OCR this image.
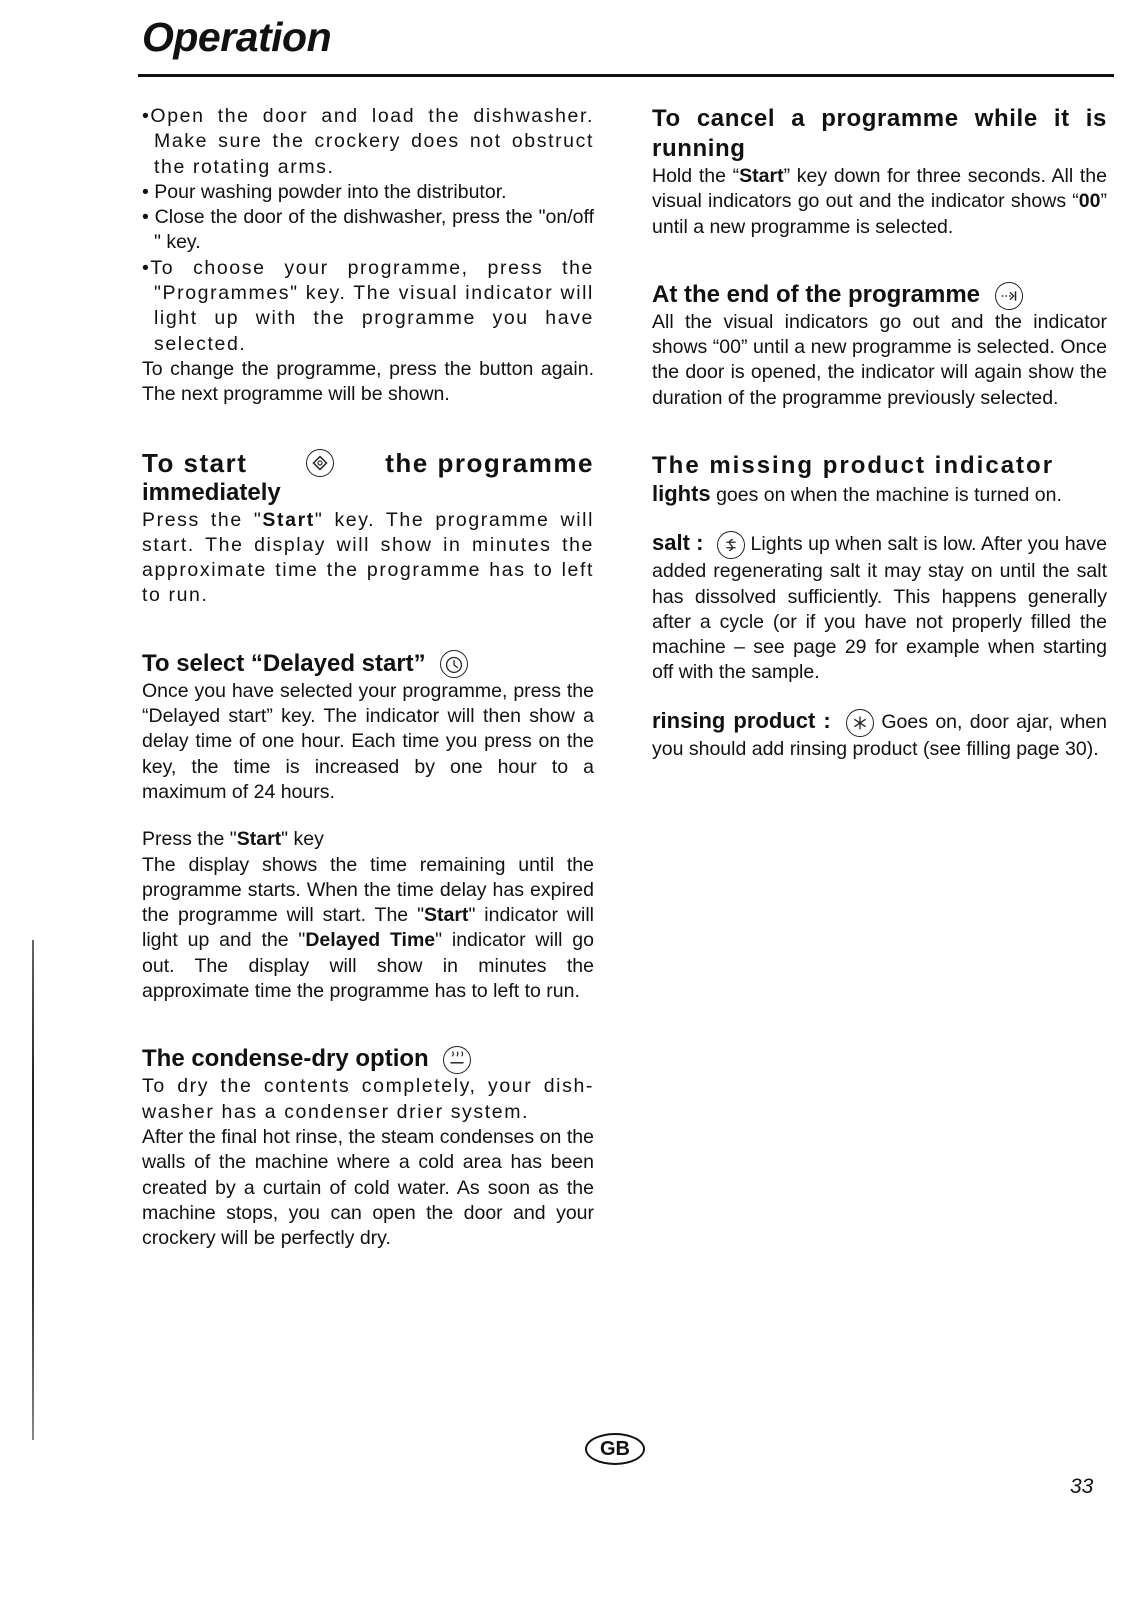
Operation

•Open the door and load the dishwasher. Make sure the crockery does not obstruct the rotating arms.

• Pour washing powder into the distributor.

• Close the door of the dishwasher, press the "on/off " key.

•To choose your programme, press the "Programmes" key. The visual indicator will light up with the programme you have selected.

To change the programme, press the button again. The next programme will be shown.

To start	the programme
immediately

Press the "Start" key. The programme will start. The display will show in minutes the approximate time the programme has to left to run.

To select “Delayed start”

Once you have selected your programme, press the “Delayed start” key. The indicator will then show a delay time of one hour. Each time you press on the key, the time is increased by one hour to a maximum of 24 hours.

Press the "Start" key

The display shows the time remaining until the programme starts. When the time delay has expired the programme will start. The "Start" indicator will light up and the "Delayed Time" indicator will go out. The display will show in minutes the approximate time the programme has to left to run.

The condense-dry option

To dry the contents completely, your dish-washer has a condenser drier system.

After the final hot rinse, the steam condenses on the walls of the machine where a cold area has been created by a curtain of cold water. As soon as the machine stops, you can open the door and your crockery will be perfectly dry.

To cancel a programme while it is running

Hold the “Start” key down for three seconds. All the visual indicators go out and the indicator shows “00” until a new programme is selected.

At the end of the programme

All the visual indicators go out and the indicator shows “00” until a new programme is selected. Once the door is opened, the indicator will again show the duration of the programme previously selected.

The missing product indicator

lights goes on when the machine is turned on.

salt :
Lights up when salt is low. After you have added regenerating salt it may stay on until the salt has dissolved sufficiently. This happens generally after a cycle (or if you have not properly filled the machine – see page 29 for example when starting off with the sample.

rinsing product :
Goes on, door ajar, when you should add rinsing product (see filling page 30).

GB
33
